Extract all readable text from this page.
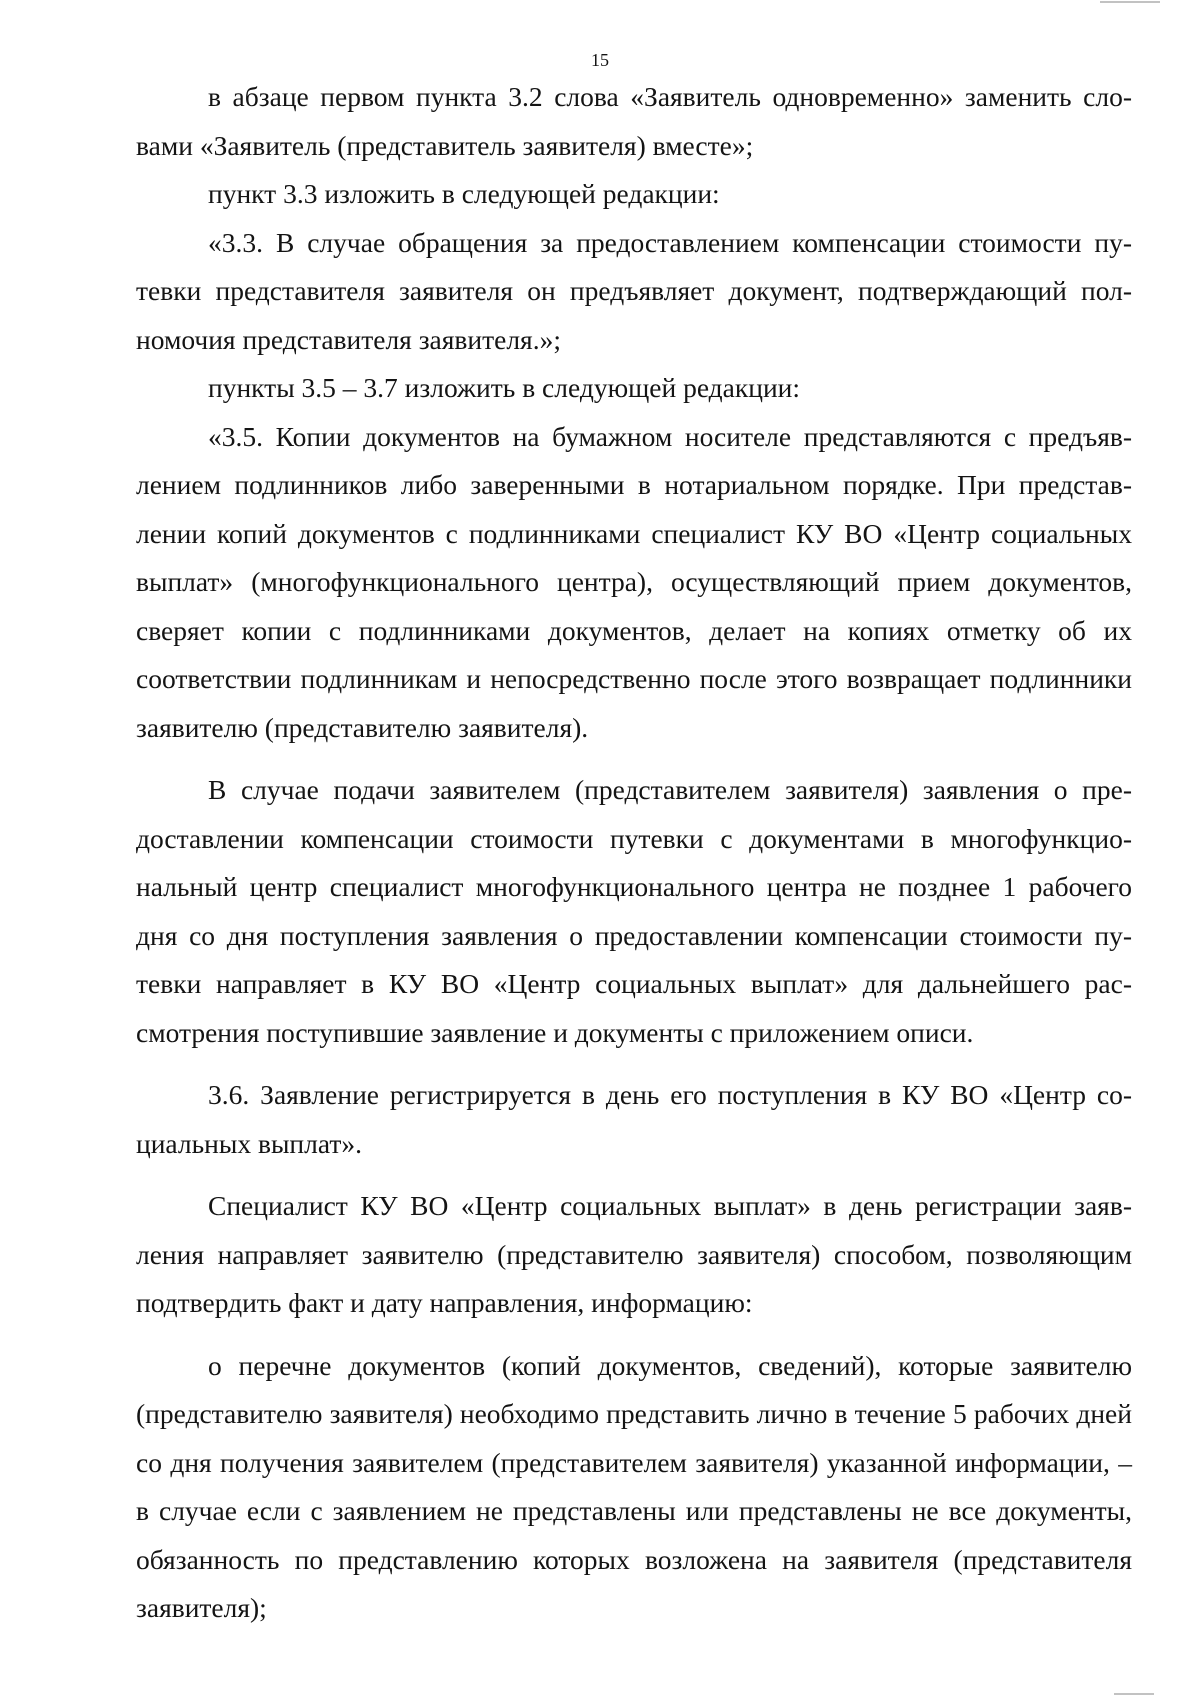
15

в абзаце первом пункта 3.2 слова «Заявитель одновременно» заменить словами «Заявитель (представитель заявителя) вместе»;

пункт 3.3 изложить в следующей редакции:

«3.3. В случае обращения за предоставлением компенсации стоимости путевки представителя заявителя он предъявляет документ, подтверждающий полномочия представителя заявителя.»;

пункты 3.5 – 3.7 изложить в следующей редакции:

«3.5. Копии документов на бумажном носителе представляются с предъявлением подлинников либо заверенными в нотариальном порядке. При представлении копий документов с подлинниками специалист КУ ВО «Центр социальных выплат» (многофункционального центра), осуществляющий прием документов, сверяет копии с подлинниками документов, делает на копиях отметку об их соответствии подлинникам и непосредственно после этого возвращает подлинники заявителю (представителю заявителя).

В случае подачи заявителем (представителем заявителя) заявления о предоставлении компенсации стоимости путевки с документами в многофункциональный центр специалист многофункционального центра не позднее 1 рабочего дня со дня поступления заявления о предоставлении компенсации стоимости путевки направляет в КУ ВО «Центр социальных выплат» для дальнейшего рассмотрения поступившие заявление и документы с приложением описи.

3.6. Заявление регистрируется в день его поступления в КУ ВО «Центр социальных выплат».

Специалист КУ ВО «Центр социальных выплат» в день регистрации заявления направляет заявителю (представителю заявителя) способом, позволяющим подтвердить факт и дату направления, информацию:

о перечне документов (копий документов, сведений), которые заявителю (представителю заявителя) необходимо представить лично в течение 5 рабочих дней со дня получения заявителем (представителем заявителя) указанной информации, – в случае если с заявлением не представлены или представлены не все документы, обязанность по представлению которых возложена на заявителя (представителя заявителя);
